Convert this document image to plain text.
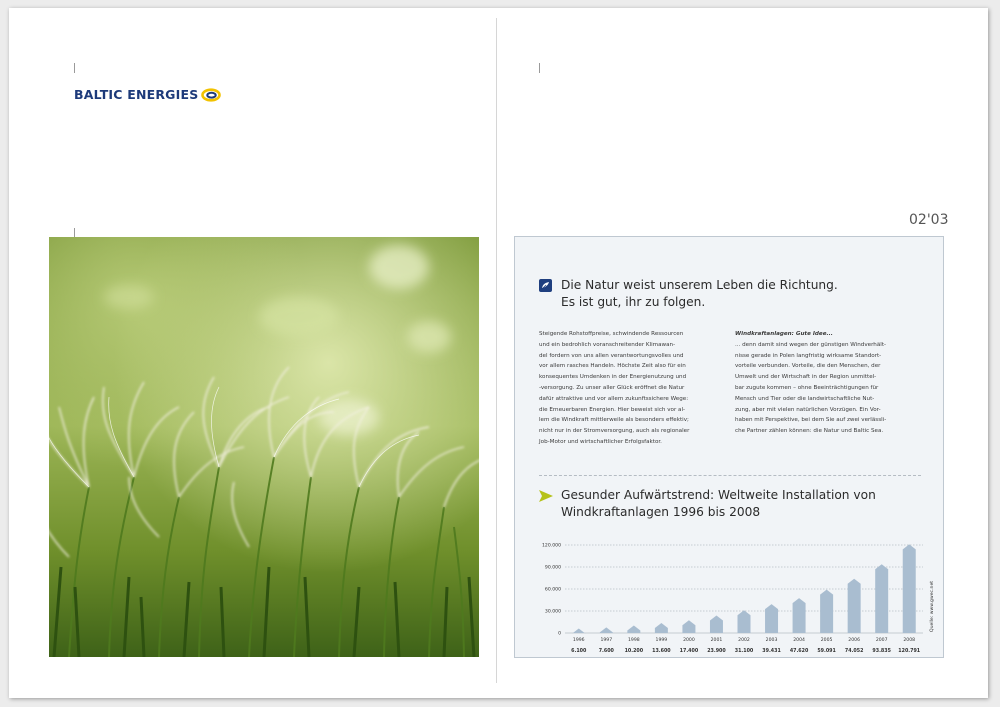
BALTIC ENERGIES
02'03
Die Natur weist unserem Leben die Richtung.
Es ist gut, ihr zu folgen.
Steigende Rohstoffpreise, schwindende Ressourcen
und ein bedrohlich voranschreitender Klimawan-
del fordern von uns allen verantwortungsvolles und
vor allem rasches Handeln. Höchste Zeit also für ein
konsequentes Umdenken in der Energienutzung und
-versorgung. Zu unser aller Glück eröffnet die Natur
dafür attraktive und vor allem zukunftssichere Wege:
die Erneuerbaren Energien. Hier beweist sich vor al-
lem die Windkraft mittlerweile als besonders effektiv;
nicht nur in der Stromversorgung, auch als regionaler
Job-Motor und wirtschaftlicher Erfolgsfaktor.
Windkraftanlagen: Gute Idee...
... denn damit sind wegen der günstigen Windverhält-
nisse gerade in Polen langfristig wirksame Standort-
vorteile verbunden. Vorteile, die den Menschen, der
Umwelt und der Wirtschaft in der Region unmittel-
bar zugute kommen – ohne Beeinträchtigungen für
Mensch und Tier oder die landwirtschaftliche Nut-
zung, aber mit vielen natürlichen Vorzügen. Ein Vor-
haben mit Perspektive, bei dem Sie auf zwei verlässli-
che Partner zählen können: die Natur und Baltic Sea.
Gesunder Aufwärtstrend: Weltweite Installation von
Windkraftanlagen 1996 bis 2008
0
30.000
60.000
90.000
120.000
1996
6.100
1997
7.600
1998
10.200
1999
13.600
2000
17.400
2001
23.900
2002
31.100
2003
39.431
2004
47.620
2005
59.091
2006
74.052
2007
93.835
2008
120.791
Quelle: www.gwec.net
